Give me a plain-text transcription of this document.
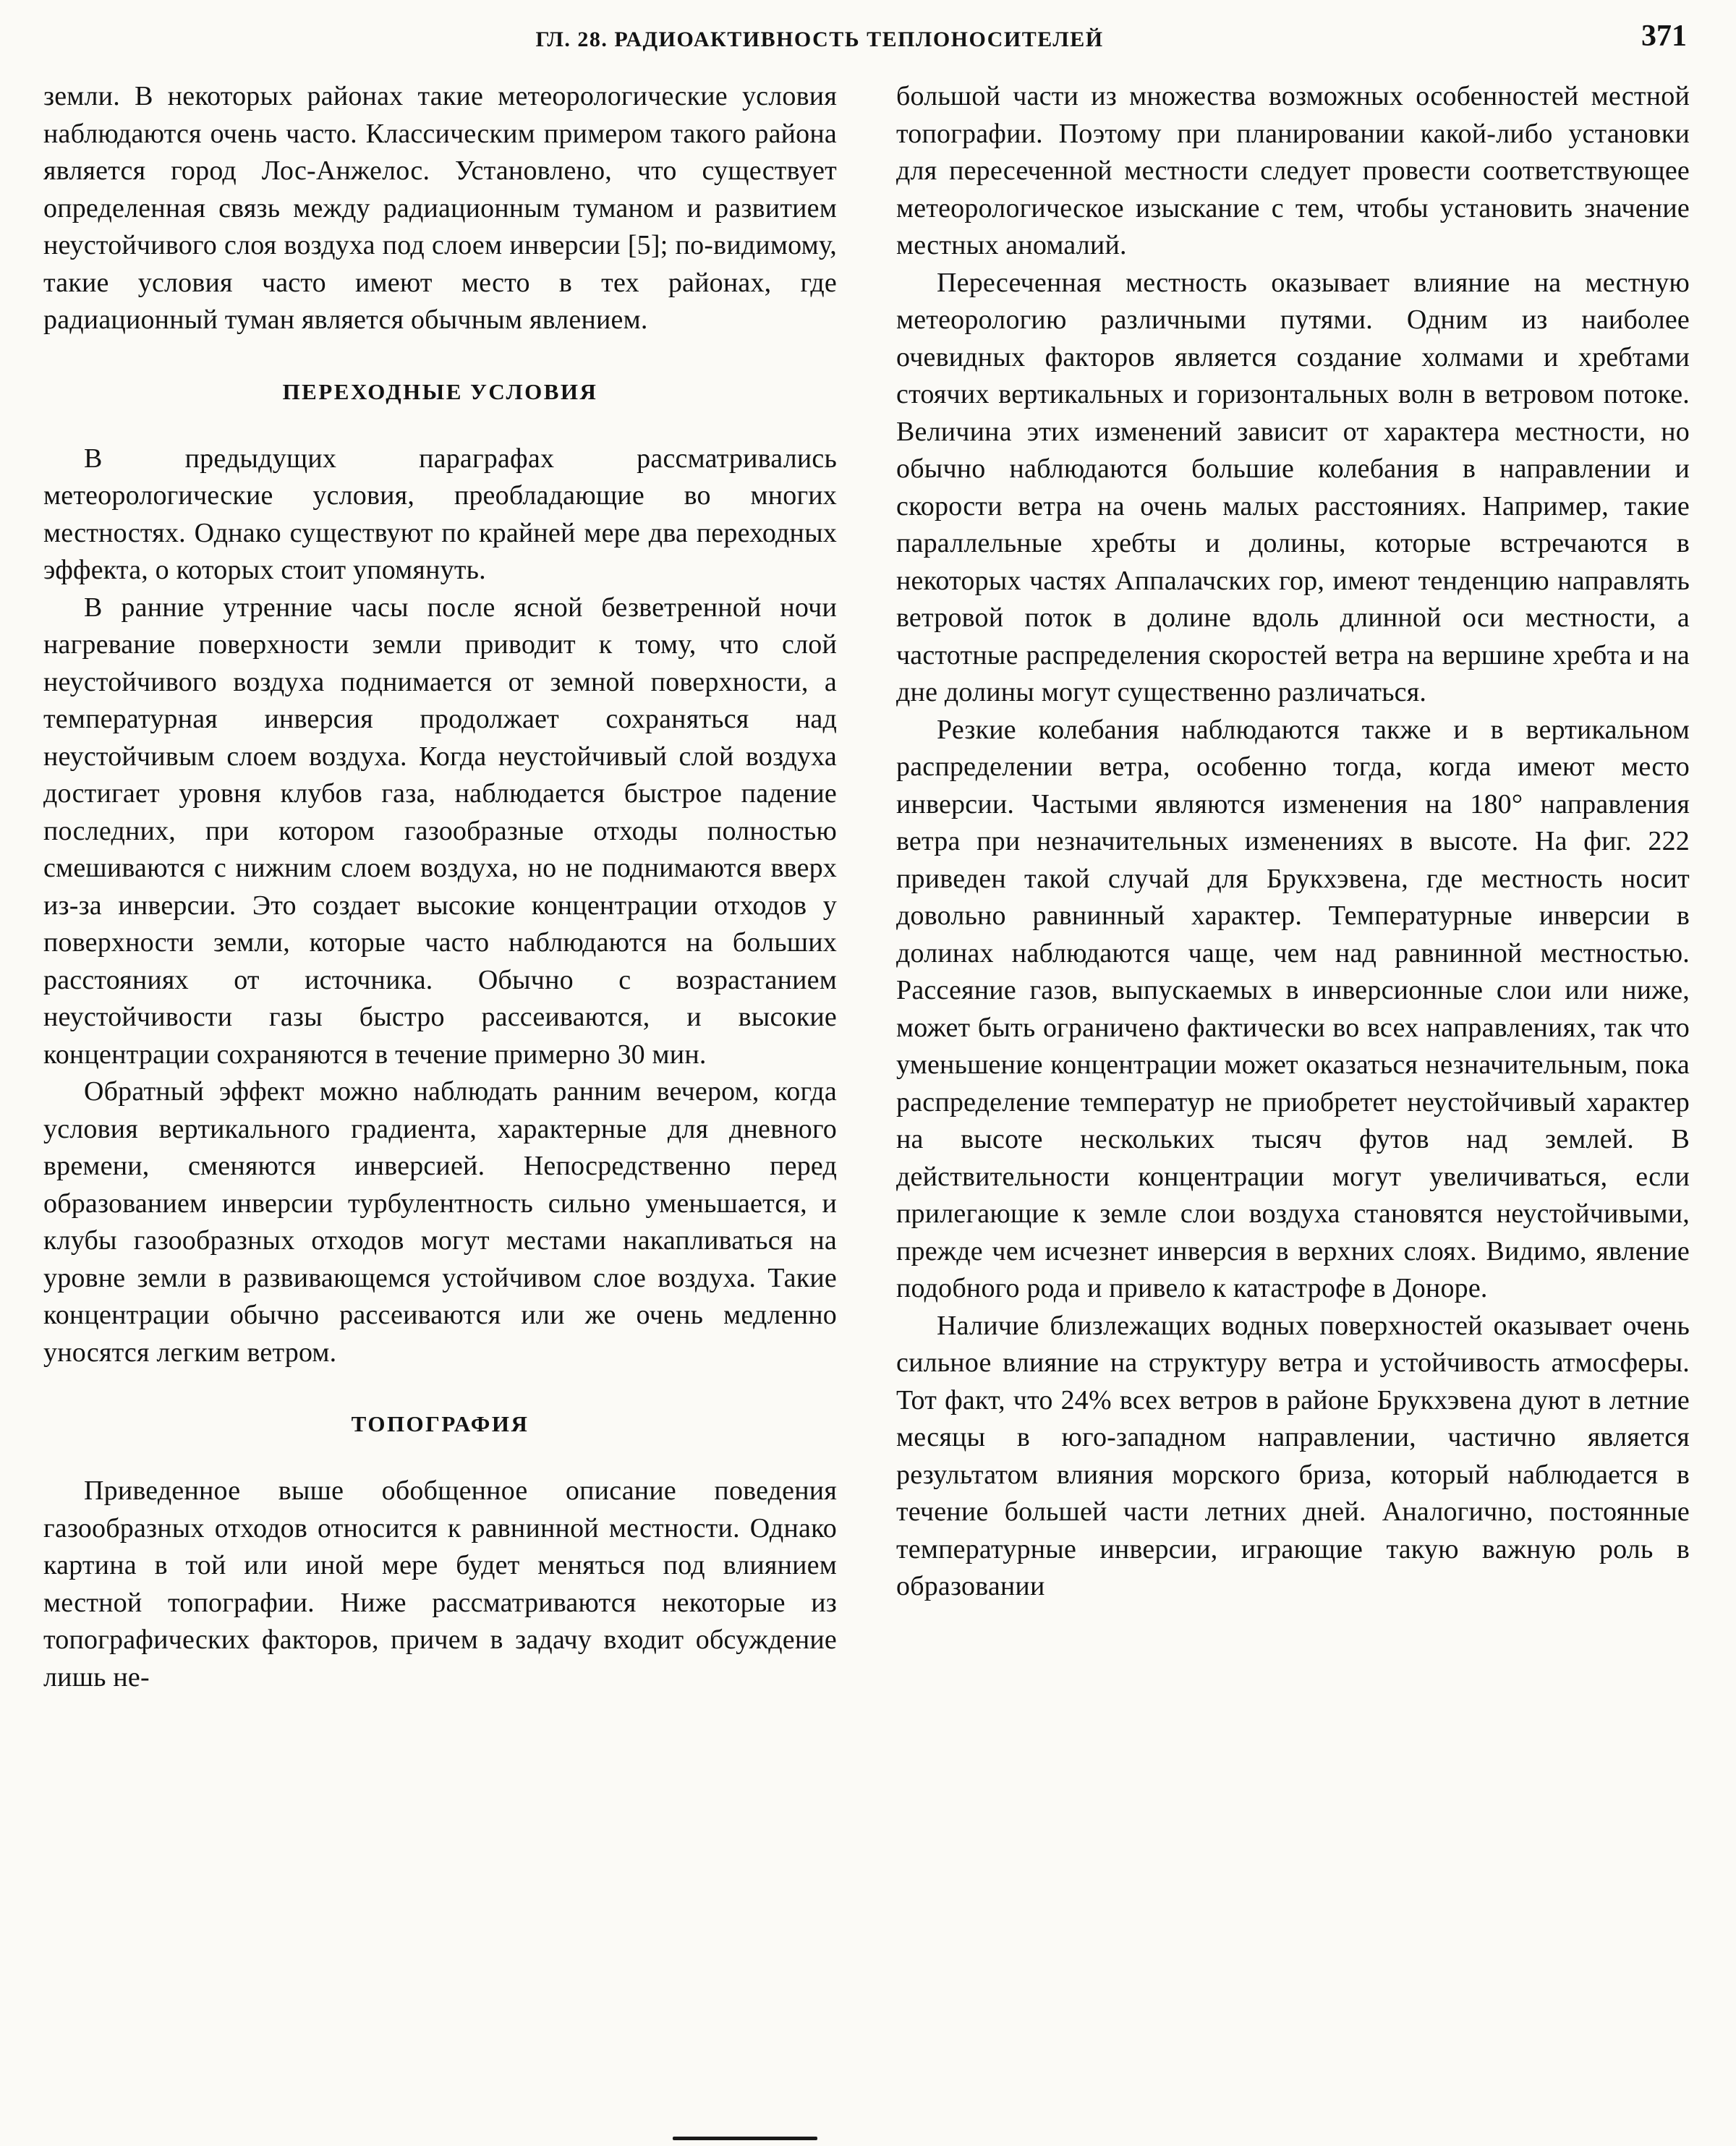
ГЛ. 28. РАДИОАКТИВНОСТЬ ТЕПЛОНОСИТЕЛЕЙ	371

земли. В некоторых районах такие метеорологические условия наблюдаются очень часто. Классическим примером такого района является город Лос-Анжелос. Установлено, что существует определенная связь между радиационным туманом и развитием неустойчивого слоя воздуха под слоем инверсии [5]; по-видимому, такие условия часто имеют место в тех районах, где радиационный туман является обычным явлением.

ПЕРЕХОДНЫЕ УСЛОВИЯ

В предыдущих параграфах рассматривались метеорологические условия, преобладающие во многих местностях. Однако существуют по крайней мере два переходных эффекта, о которых стоит упомянуть.

В ранние утренние часы после ясной безветренной ночи нагревание поверхности земли приводит к тому, что слой неустойчивого воздуха поднимается от земной поверхности, а температурная инверсия продолжает сохраняться над неустойчивым слоем воздуха. Когда неустойчивый слой воздуха достигает уровня клубов газа, наблюдается быстрое падение последних, при котором газообразные отходы полностью смешиваются с нижним слоем воздуха, но не поднимаются вверх из-за инверсии. Это создает высокие концентрации отходов у поверхности земли, которые часто наблюдаются на больших расстояниях от источника. Обычно с возрастанием неустойчивости газы быстро рассеиваются, и высокие концентрации сохраняются в течение примерно 30 мин.

Обратный эффект можно наблюдать ранним вечером, когда условия вертикального градиента, характерные для дневного времени, сменяются инверсией. Непосредственно перед образованием инверсии турбулентность сильно уменьшается, и клубы газообразных отходов могут местами накапливаться на уровне земли в развивающемся устойчивом слое воздуха. Такие концентрации обычно рассеиваются или же очень медленно уносятся легким ветром.

ТОПОГРАФИЯ

Приведенное выше обобщенное описание поведения газообразных отходов относится к равнинной местности. Однако картина в той или иной мере будет меняться под влиянием местной топографии. Ниже рассматриваются некоторые из топографических факторов, причем в задачу входит обсуждение лишь не-

большой части из множества возможных особенностей местной топографии. Поэтому при планировании какой-либо установки для пересеченной местности следует провести соответствующее метеорологическое изыскание с тем, чтобы установить значение местных аномалий.

Пересеченная местность оказывает влияние на местную метеорологию различными путями. Одним из наиболее очевидных факторов является создание холмами и хребтами стоячих вертикальных и горизонтальных волн в ветровом потоке. Величина этих изменений зависит от характера местности, но обычно наблюдаются большие колебания в направлении и скорости ветра на очень малых расстояниях. Например, такие параллельные хребты и долины, которые встречаются в некоторых частях Аппалачских гор, имеют тенденцию направлять ветровой поток в долине вдоль длинной оси местности, а частотные распределения скоростей ветра на вершине хребта и на дне долины могут существенно различаться.

Резкие колебания наблюдаются также и в вертикальном распределении ветра, особенно тогда, когда имеют место инверсии. Частыми являются изменения на 180° направления ветра при незначительных изменениях в высоте. На фиг. 222 приведен такой случай для Брукхэвена, где местность носит довольно равнинный характер. Температурные инверсии в долинах наблюдаются чаще, чем над равнинной местностью. Рассеяние газов, выпускаемых в инверсионные слои или ниже, может быть ограничено фактически во всех направлениях, так что уменьшение концентрации может оказаться незначительным, пока распределение температур не приобретет неустойчивый характер на высоте нескольких тысяч футов над землей. В действительности концентрации могут увеличиваться, если прилегающие к земле слои воздуха становятся неустойчивыми, прежде чем исчезнет инверсия в верхних слоях. Видимо, явление подобного рода и привело к катастрофе в Доноре.

Наличие близлежащих водных поверхностей оказывает очень сильное влияние на структуру ветра и устойчивость атмосферы. Тот факт, что 24% всех ветров в районе Брукхэвена дуют в летние месяцы в юго-западном направлении, частично является результатом влияния морского бриза, который наблюдается в течение большей части летних дней. Аналогично, постоянные температурные инверсии, играющие такую важную роль в образовании
